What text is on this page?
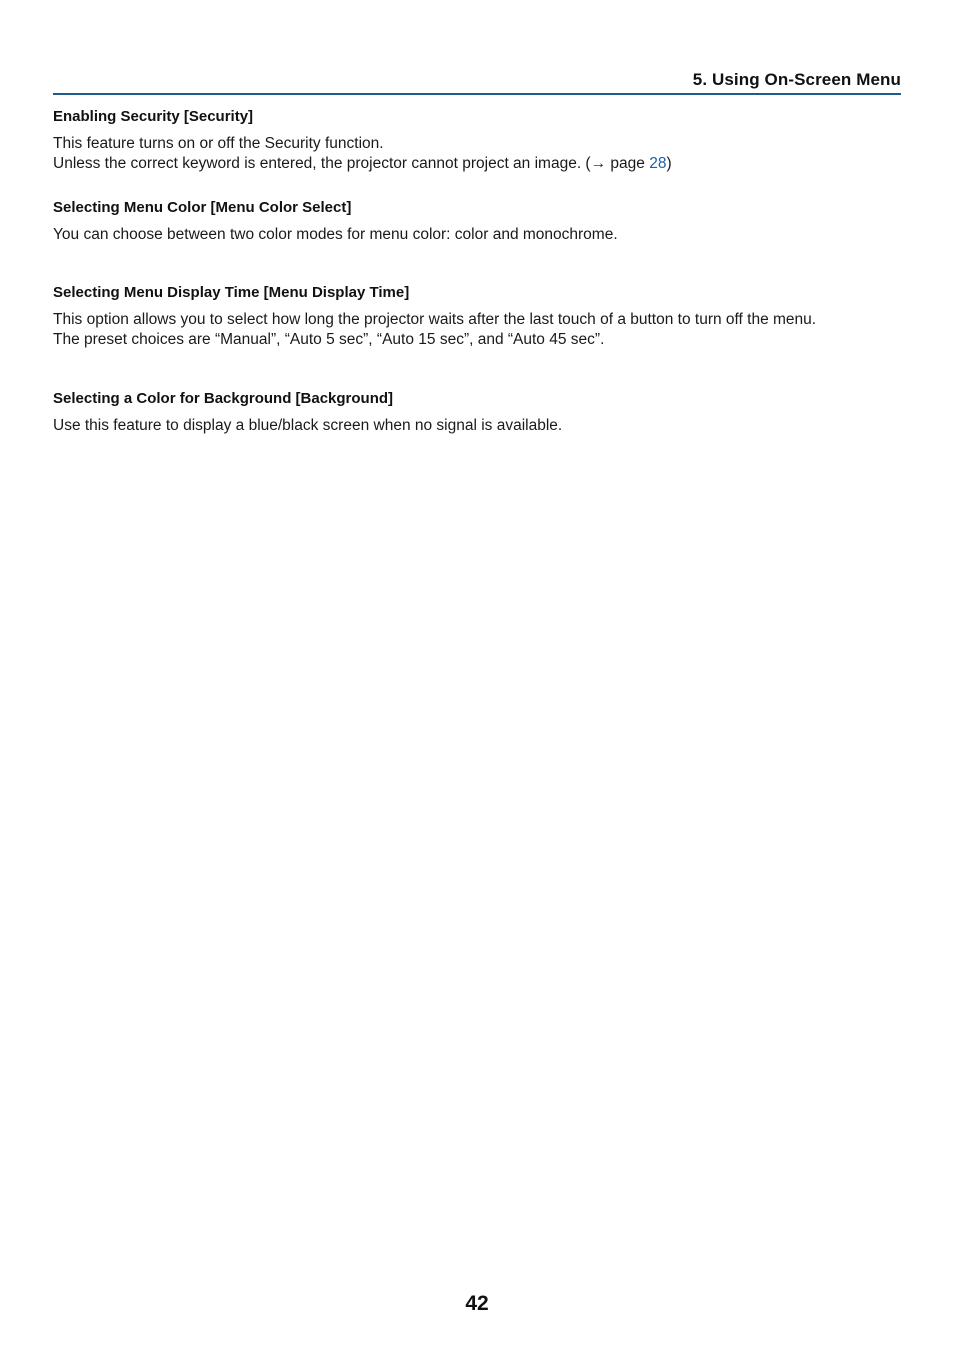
5. Using On-Screen Menu
Enabling Security [Security]

This feature turns on or off the Security function.

Unless the correct keyword is entered, the projector cannot project an image. (→ page 28)

Selecting Menu Color [Menu Color Select]

You can choose between two color modes for menu color: color and monochrome.

Selecting Menu Display Time [Menu Display Time]

This option allows you to select how long the projector waits after the last touch of a button to turn off the menu.

The preset choices are “Manual”, “Auto 5 sec”, “Auto 15 sec”, and “Auto 45 sec”.

Selecting a Color for Background [Background]

Use this feature to display a blue/black screen when no signal is available.

42
